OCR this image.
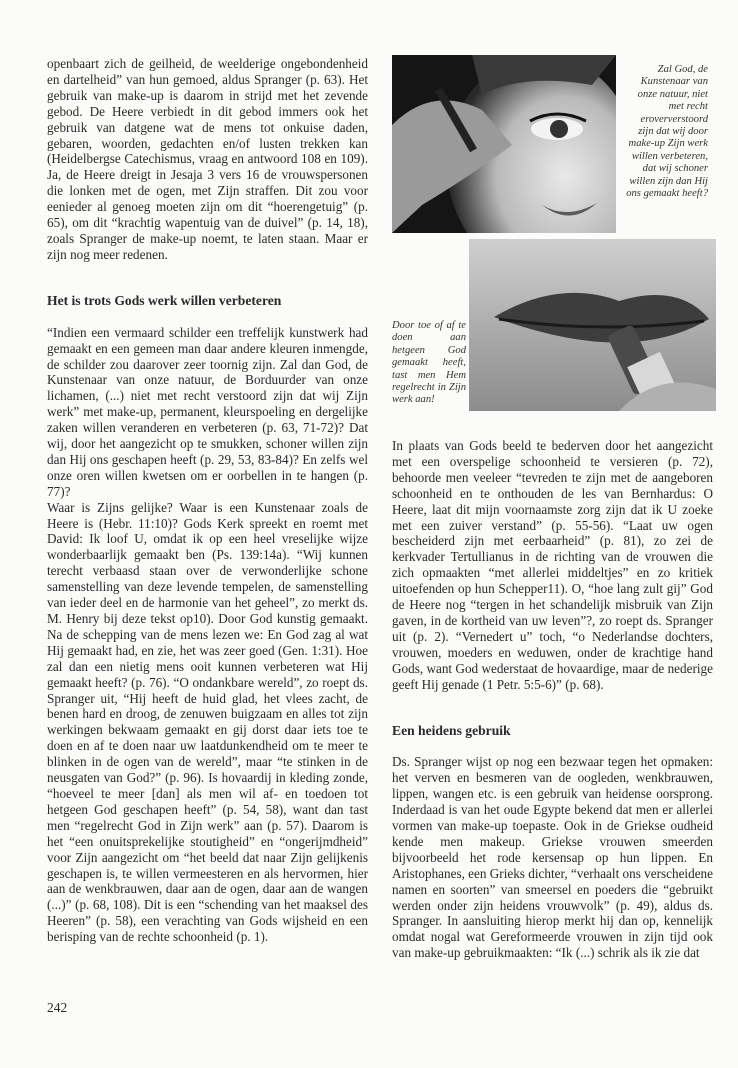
openbaart zich de geilheid, de weelderige ongebondenheid en dartelheid” van hun gemoed, aldus Spranger (p. 63). Het gebruik van make-up is daarom in strijd met het zevende gebod. De Heere verbiedt in dit gebod immers ook het gebruik van datgene wat de mens tot onkuise daden, gebaren, woorden, gedachten en/of lusten trekken kan (Heidelbergse Catechismus, vraag en antwoord 108 en 109). Ja, de Heere dreigt in Jesaja 3 vers 16 de vrouwspersonen die lonken met de ogen, met Zijn straffen. Dit zou voor eenieder al genoeg moeten zijn om dit “hoerengetuig” (p. 65), om dit “krachtig wapentuig van de duivel” (p. 14, 18), zoals Spranger de make-up noemt, te laten staan. Maar er zijn nog meer redenen.

Het is trots Gods werk willen verbeteren

“Indien een vermaard schilder een treffelijk kunstwerk had gemaakt en een gemeen man daar andere kleuren inmengde, de schilder zou daarover zeer toornig zijn. Zal dan God, de Kunstenaar van onze natuur, de Borduurder van onze lichamen, (...) niet met recht verstoord zijn dat wij Zijn werk” met make-up, permanent, kleurspoeling en dergelijke zaken willen veranderen en verbeteren (p. 63, 71-72)? Dat wij, door het aangezicht op te smukken, schoner willen zijn dan Hij ons geschapen heeft (p. 29, 53, 83-84)? En zelfs wel onze oren willen kwetsen om er oorbellen in te hangen (p. 77)?

Waar is Zijns gelijke? Waar is een Kunstenaar zoals de Heere is (Hebr. 11:10)? Gods Kerk spreekt en roemt met David: Ik loof U, omdat ik op een heel vreselijke wijze wonderbaarlijk gemaakt ben (Ps. 139:14a). “Wij kunnen terecht verbaasd staan over de verwonderlijke schone samenstelling van deze levende tempelen, de samenstelling van ieder deel en de harmonie van het geheel”, zo merkt ds. M. Henry bij deze tekst op10). Door God kunstig gemaakt. Na de schepping van de mens lezen we: En God zag al wat Hij gemaakt had, en zie, het was zeer goed (Gen. 1:31). Hoe zal dan een nietig mens ooit kunnen verbeteren wat Hij gemaakt heeft? (p. 76). “O ondankbare wereld”, zo roept ds. Spranger uit, “Hij heeft de huid glad, het vlees zacht, de benen hard en droog, de zenuwen buigzaam en alles tot zijn werkingen bekwaam gemaakt en gij dorst daar iets toe te doen en af te doen naar uw laatdunkendheid om te meer te blinken in de ogen van de wereld”, maar “te stinken in de neusgaten van God?” (p. 96). Is hovaardij in kleding zonde, “hoeveel te meer [dan] als men wil af- en toedoen tot hetgeen God geschapen heeft” (p. 54, 58), want dan tast men “regelrecht God in Zijn werk” aan (p. 57). Daarom is het “een onuitsprekelijke stoutigheid” en “ongerijmdheid” voor Zijn aangezicht om “het beeld dat naar Zijn gelijkenis geschapen is, te willen vermeesteren en als hervormen, hier aan de wenkbrauwen, daar aan de ogen, daar aan de wangen (...)” (p. 68, 108). Dit is een “schending van het maaksel des Heeren” (p. 58), een verachting van Gods wijsheid en een berisping van de rechte schoonheid (p. 1).

Zal God, de Kunstenaar van onze natuur, niet met recht eroververstoord zijn dat wij door make-up Zijn werk willen verbeteren, dat wij schoner willen zijn dan Hij ons gemaakt heeft?
Door toe of af te doen aan hetgeen God gemaakt heeft, tast men Hem regelrecht in Zijn werk aan!

In plaats van Gods beeld te bederven door het aangezicht met een overspelige schoonheid te versieren (p. 72), behoorde men veeleer “tevreden te zijn met de aangeboren schoonheid en te onthouden de les van Bernhardus: O Heere, laat dit mijn voornaamste zorg zijn dat ik U zoeke met een zuiver verstand” (p. 55-56). “Laat uw ogen bescheiderd zijn met eerbaarheid” (p. 81), zo zei de kerkvader Tertullianus in de richting van de vrouwen die zich opmaakten “met allerlei middeltjes” en zo kritiek uitoefenden op hun Schepper11). O, “hoe lang zult gij” God de Heere nog “tergen in het schandelijk misbruik van Zijn gaven, in de kortheid van uw leven”?, zo roept ds. Spranger uit (p. 2). “Vernedert u” toch, “o Nederlandse dochters, vrouwen, moeders en weduwen, onder de krachtige hand Gods, want God wederstaat de hovaardige, maar de nederige geeft Hij genade (1 Petr. 5:5-6)” (p. 68).

Een heidens gebruik

Ds. Spranger wijst op nog een bezwaar tegen het opmaken: het verven en besmeren van de oogleden, wenkbrauwen, lippen, wangen etc. is een gebruik van heidense oorsprong. Inderdaad is van het oude Egypte bekend dat men er allerlei vormen van make-up toepaste. Ook in de Griekse oudheid kende men makeup. Griekse vrouwen smeerden bijvoorbeeld het rode kersensap op hun lippen. En Aristophanes, een Grieks dichter, “verhaalt ons verscheidene namen en soorten” van smeersel en poeders die “gebruikt werden onder zijn heidens vrouwvolk” (p. 49), aldus ds. Spranger. In aansluiting hierop merkt hij dan op, kennelijk omdat nogal wat Gereformeerde vrouwen in zijn tijd ook van make-up gebruikmaakten: “Ik (...) schrik als ik zie dat

242
